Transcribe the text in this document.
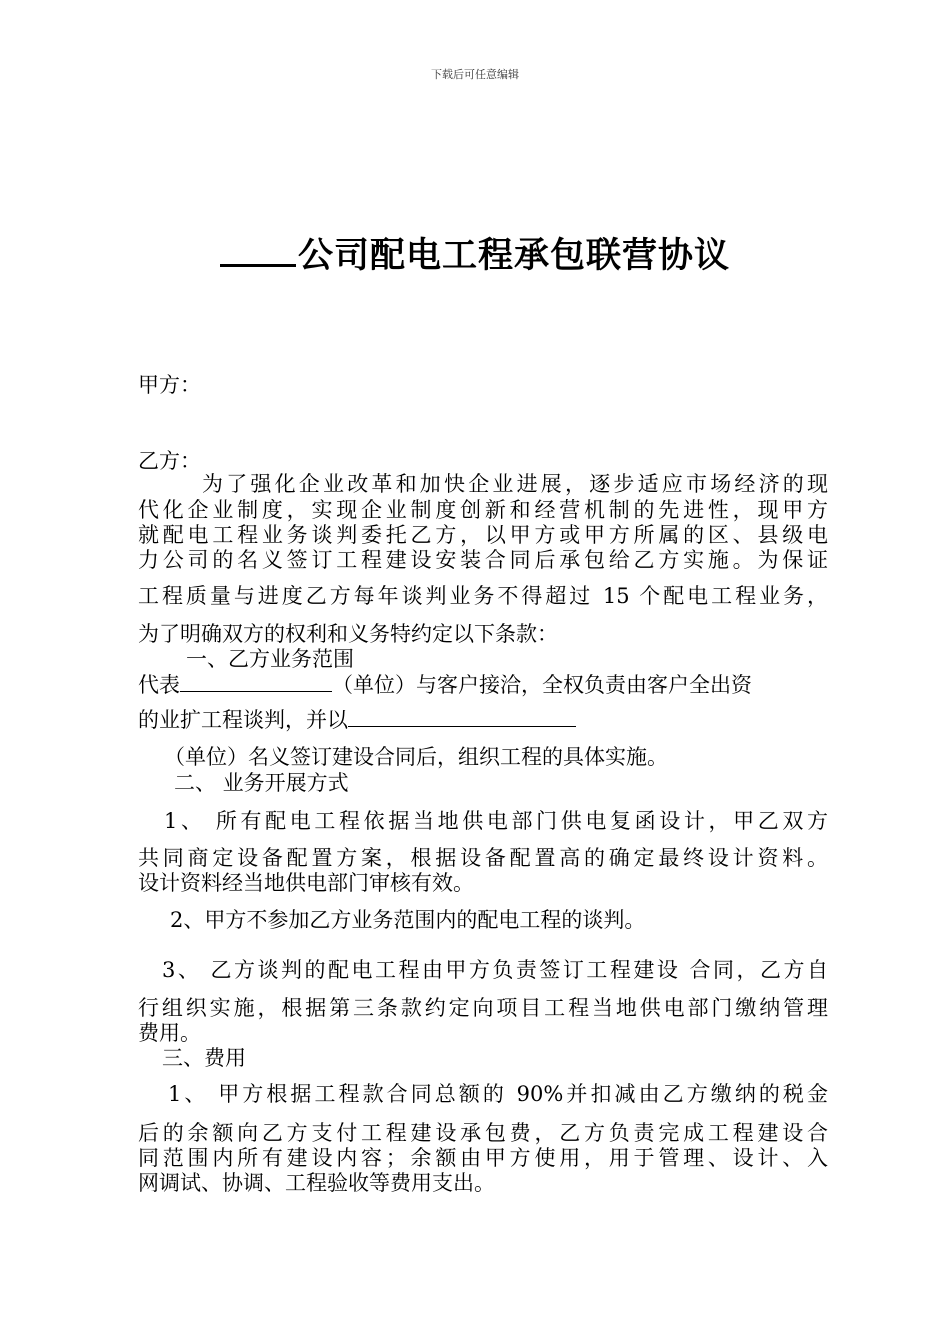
下载后可任意编辑
公司配电工程承包联营协议
甲方：
乙方：
为了强化企业改革和加快企业进展，逐步适应市场经济的现
代化企业制度，实现企业制度创新和经营机制的先进性，现甲方
就配电工程业务谈判委托乙方，以甲方或甲方所属的区、县级电
力公司的名义签订工程建设安装合同后承包给乙方实施。为保证
工程质量与进度乙方每年谈判业务不得超过 15 个配电工程业务，
为了明确双方的权利和义务特约定以下条款：
一、乙方业务范围
代表	（单位）与客户接洽，全权负责由客户全出资
的业扩工程谈判，并以
（单位）名义签订建设合同后，组织工程的具体实施。
二、 业务开展方式
1、 所有配电工程依据当地供电部门供电复函设计，甲乙双方
共同商定设备配置方案，根据设备配置高的确定最终设计资料。
设计资料经当地供电部门审核有效。
2、甲方不参加乙方业务范围内的配电工程的谈判。
3、 乙方谈判的配电工程由甲方负责签订工程建设 合同，乙方自
行组织实施，根据第三条款约定向项目工程当地供电部门缴纳管理
费用。
三、费用
1、 甲方根据工程款合同总额的 90%并扣减由乙方缴纳的税金
后的余额向乙方支付工程建设承包费，乙方负责完成工程建设合
同范围内所有建设内容；余额由甲方使用，用于管理、设计、入
网调试、协调、工程验收等费用支出。
